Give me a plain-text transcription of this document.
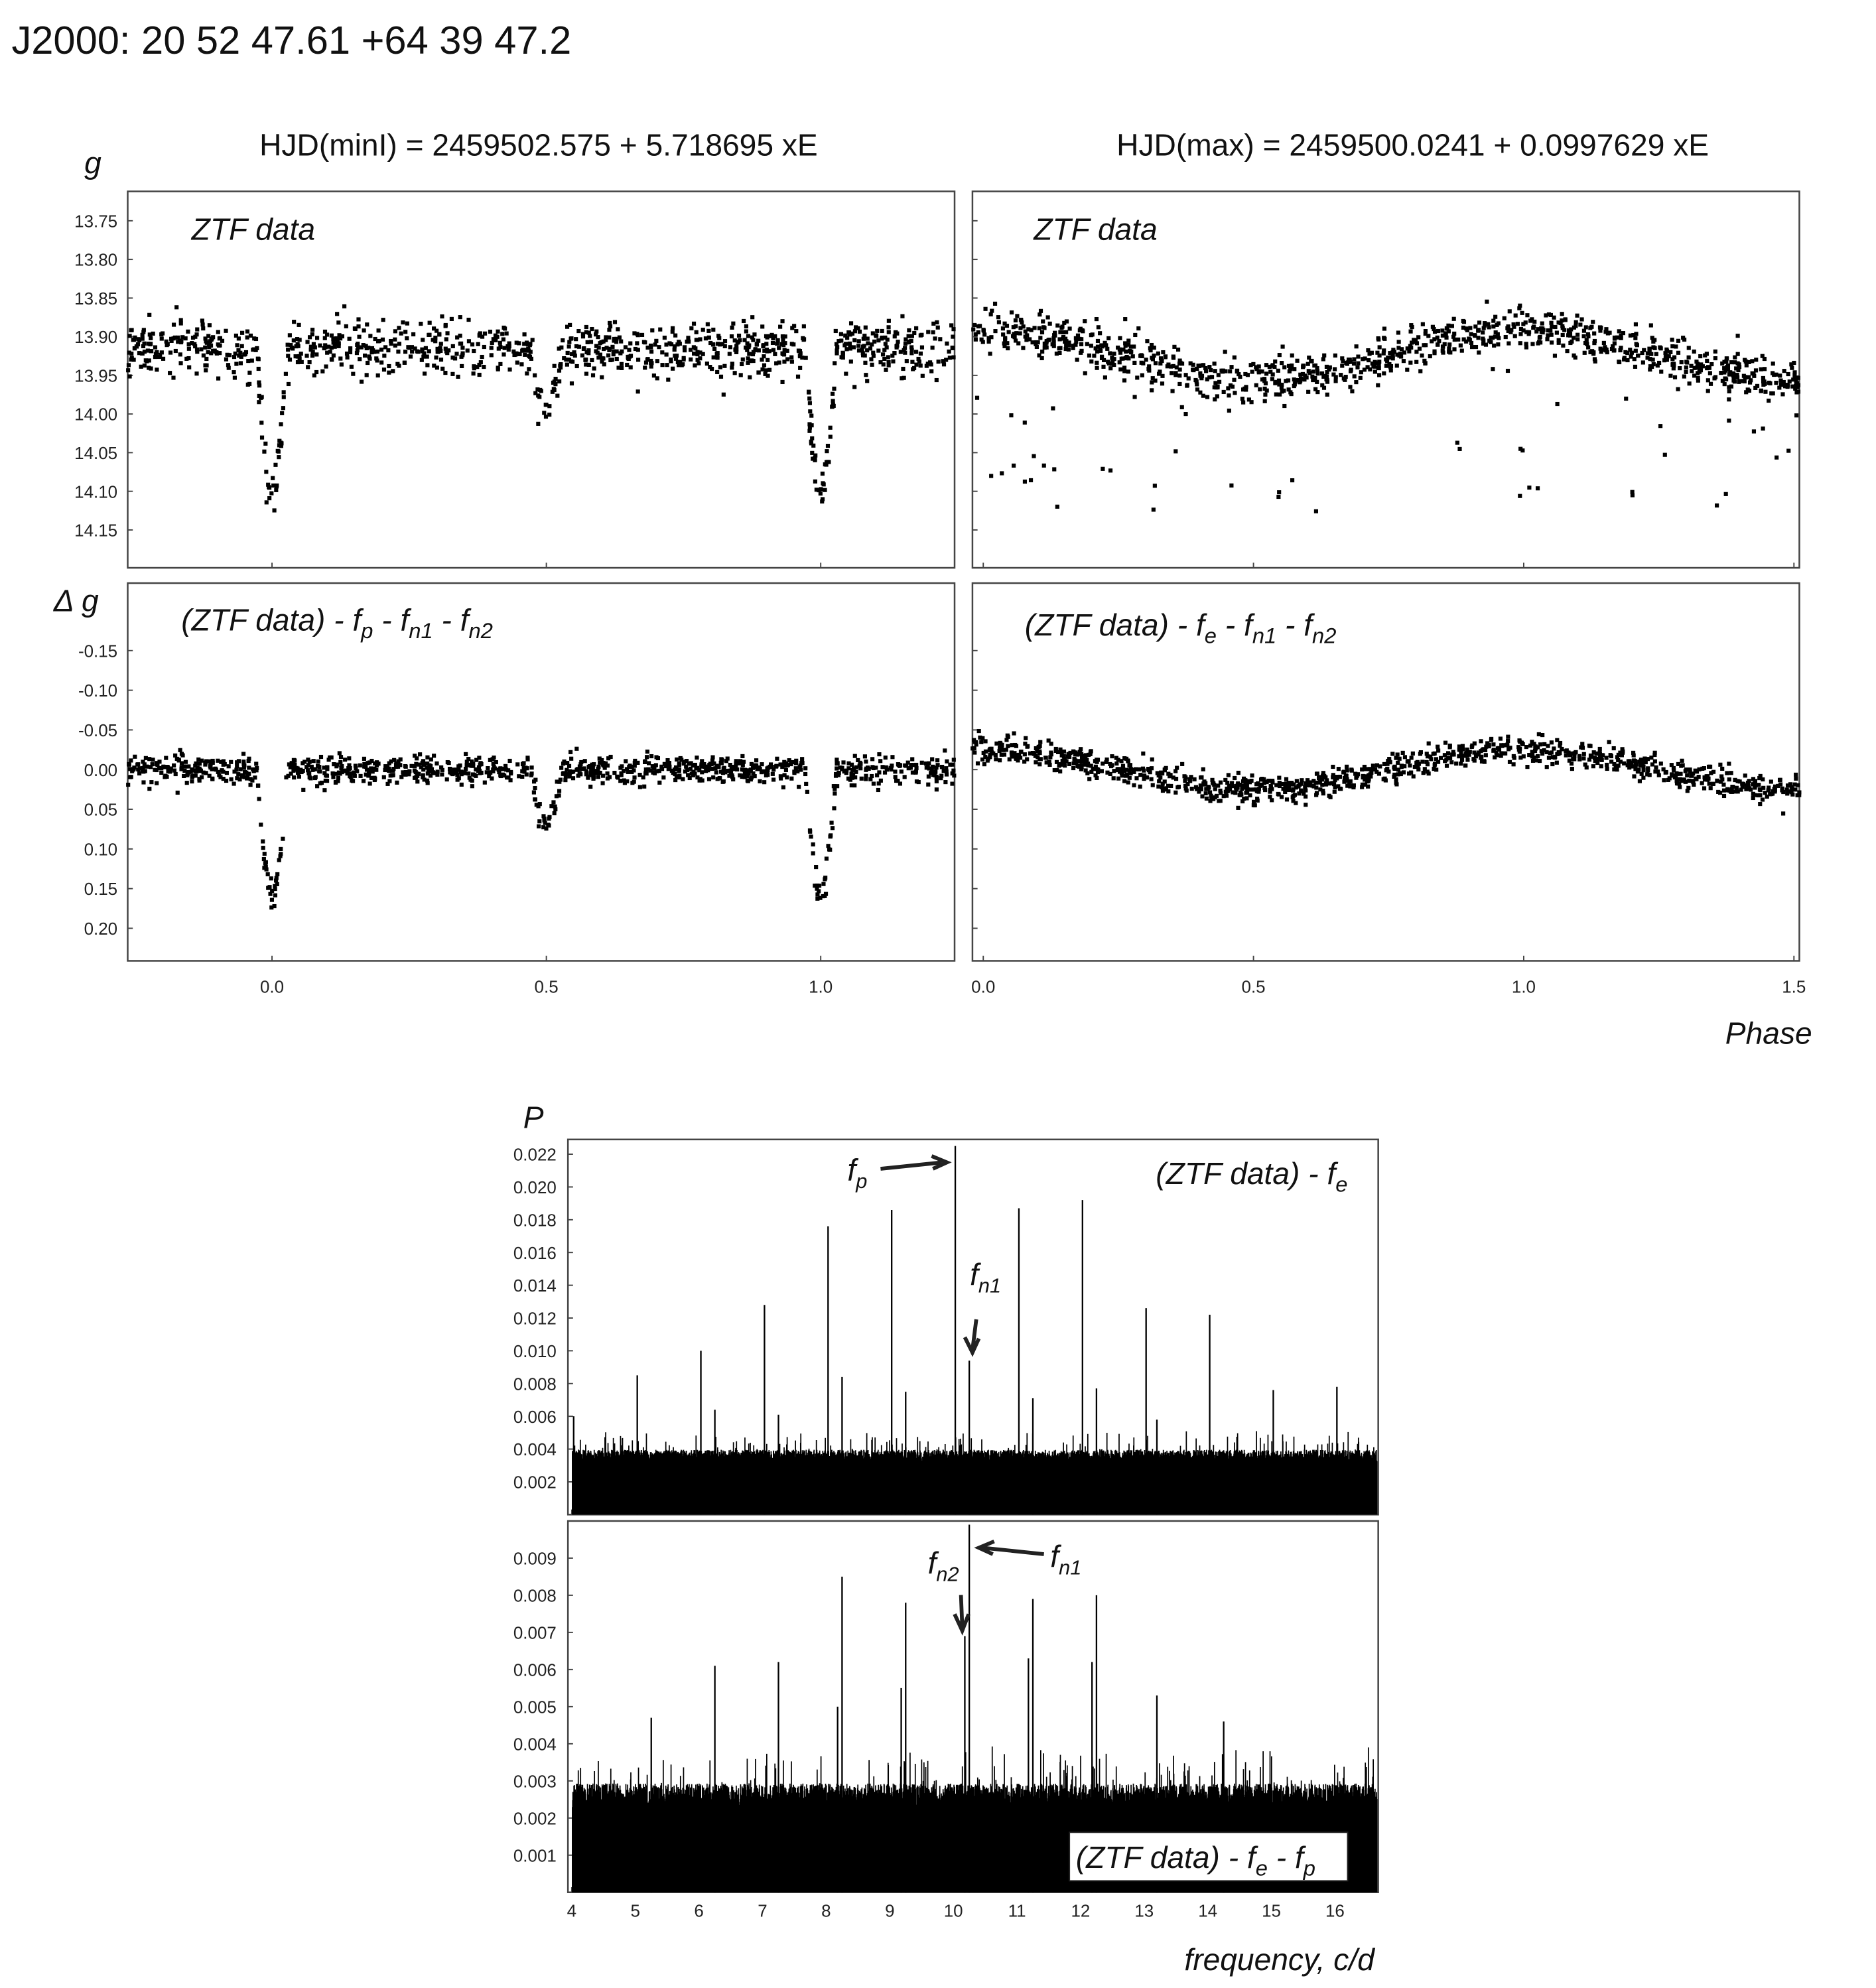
J2000: 20 52 47.61 +64 39 47.2
HJD(minI) = 2459502.575 + 5.718695 xE	HJD(max) = 2459500.0241 + 0.0997629 xE
g
Δ g
Phase
P
frequency, c/d
ZTF data	ZTF data
(ZTF data) - $f_p - f_{n1} - f_{n2}$	(ZTF data) - $f_e - f_{n1} - f_{n2}$
(ZTF data) - $f_e$
13.75
13.80
13.85
13.90
13.95
14.00
14.05
14.10
14.15
-0.15
-0.10
-0.05
0.00
0.05
0.10
0.15
0.20
0.0	0.5	1.0	0.0	0.5	1.0	1.5
0.002
0.004
0.006
0.008
0.010
0.012
0.014
0.016
0.018
0.020
0.022
0.001
0.002
0.003
0.004
0.005
0.006
0.007
0.008
0.009
4	5	6	7	8	9	10	11	12	13	14	15	16
(ZTF data) - $f_e - f_p$
$f_p$
$f_{n1}$
$f_{n1}$
$f_{n2}$
